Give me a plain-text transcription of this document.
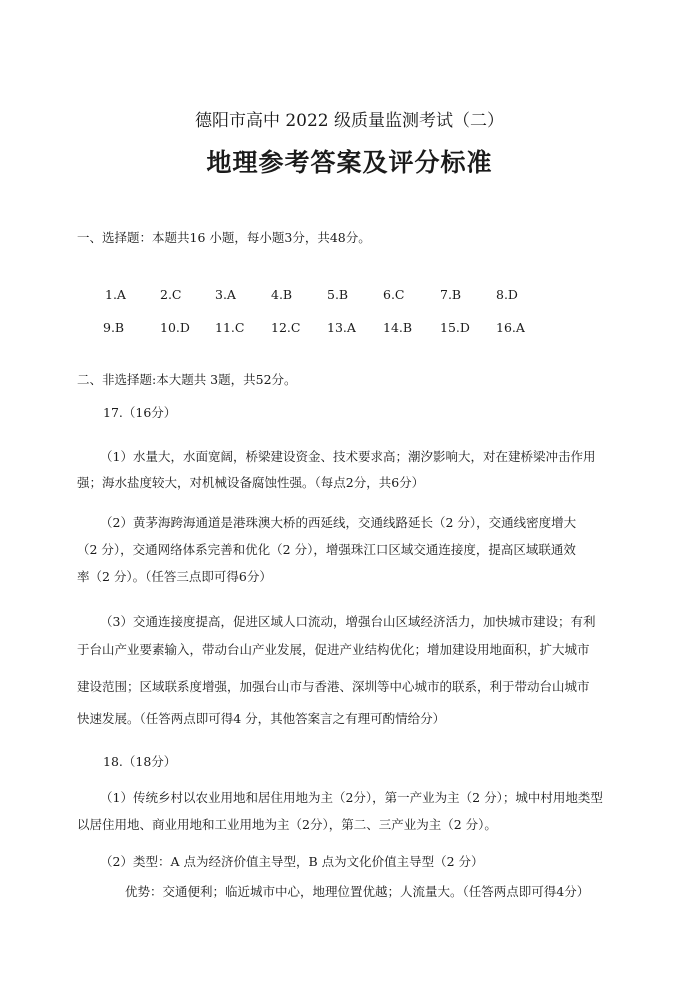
德阳市高中 2022 级质量监测考试（二）
地理参考答案及评分标准
一、选择题：本题共16 小题，每小题3分，共48分。
1.A	2.C	3.A	4.B	5.B	6.C	7.B	8.D
9.B	10.D 11.C 12.C 13.A 14.B 15.D 16.A
二、非选择题:本大题共 3题，共52分。
17.（16分）
（1）水量大，水面宽阔，桥梁建设资金、技术要求高；潮汐影响大，对在建桥梁冲击作用
强；海水盐度较大，对机械设备腐蚀性强。（每点2分，共6分）
（2）黄茅海跨海通道是港珠澳大桥的西延线，交通线路延长（2 分），交通线密度增大
（2 分），交通网络体系完善和优化（2 分），增强珠江口区域交通连接度，提高区域联通效
率（2 分）。（任答三点即可得6分）
（3）交通连接度提高，促进区域人口流动，增强台山区域经济活力，加快城市建设；有利
于台山产业要素输入，带动台山产业发展，促进产业结构优化；增加建设用地面积，扩大城市
建设范围；区域联系度增强，加强台山市与香港、深圳等中心城市的联系，利于带动台山城市
快速发展。（任答两点即可得4 分，其他答案言之有理可酌情给分）
18.（18分）
（1）传统乡村以农业用地和居住用地为主（2分），第一产业为主（2 分）；城中村用地类型
以居住用地、商业用地和工业用地为主（2分），第二、三产业为主（2 分）。
（2）类型：A 点为经济价值主导型，B 点为文化价值主导型（2 分）
优势：交通便利；临近城市中心，地理位置优越；人流量大。（任答两点即可得4分）
